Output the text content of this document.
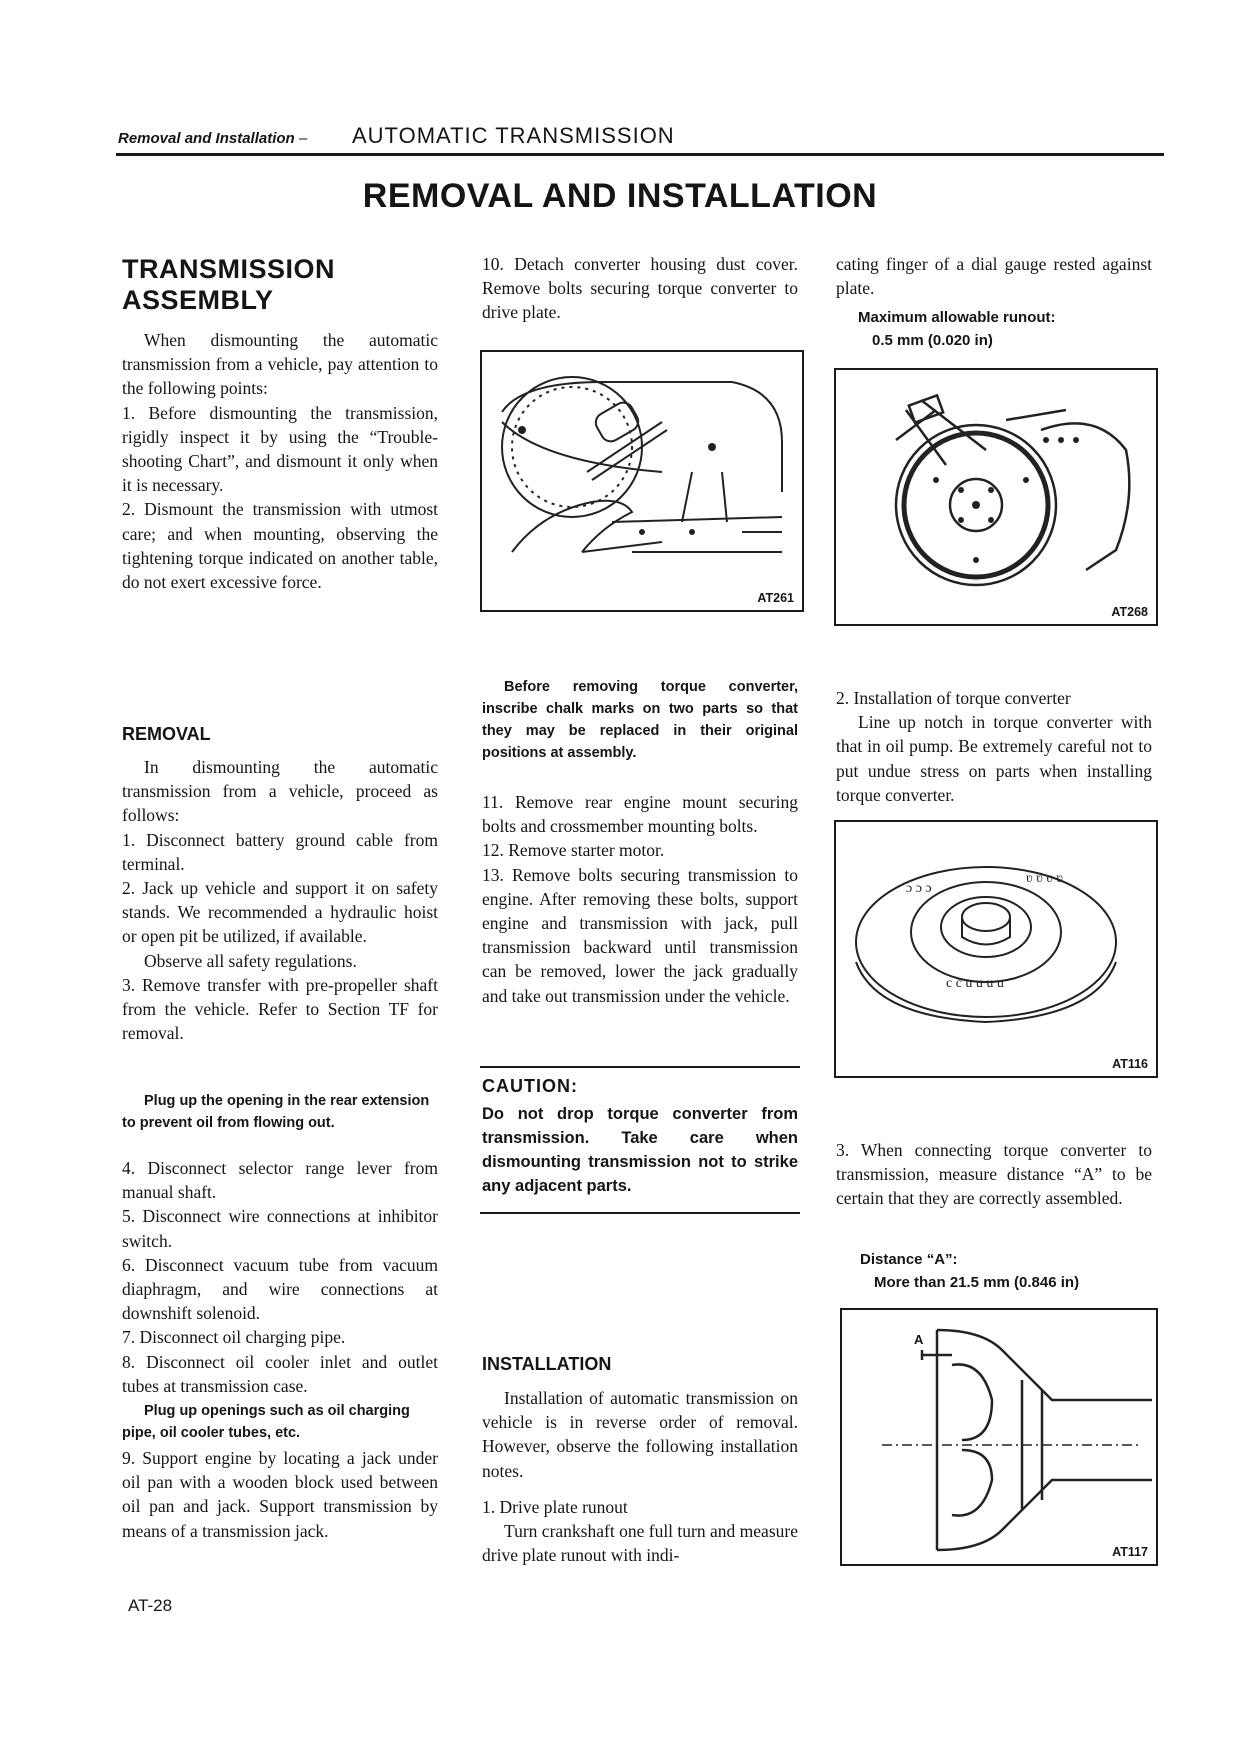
Removal and Installation – AUTOMATIC TRANSMISSION
REMOVAL AND INSTALLATION
TRANSMISSION
ASSEMBLY

When dismounting the automatic transmission from a vehicle, pay attention to the following points:

1. Before dismounting the transmission, rigidly inspect it by using the “Trouble-shooting Chart”, and dismount it only when it is necessary.

2. Dismount the transmission with utmost care; and when mounting, observing the tightening torque indicated on another table, do not exert excessive force.

REMOVAL

In dismounting the automatic transmission from a vehicle, proceed as follows:

1. Disconnect battery ground cable from terminal.

2. Jack up vehicle and support it on safety stands. We recommended a hydraulic hoist or open pit be utilized, if available.

Observe all safety regulations.

3. Remove transfer with pre-propeller shaft from the vehicle. Refer to Section TF for removal.

Plug up the opening in the rear extension to prevent oil from flowing out.

4. Disconnect selector range lever from manual shaft.

5. Disconnect wire connections at inhibitor switch.

6. Disconnect vacuum tube from vacuum diaphragm, and wire connections at downshift solenoid.

7. Disconnect oil charging pipe.

8. Disconnect oil cooler inlet and outlet tubes at transmission case.

Plug up openings such as oil charging pipe, oil cooler tubes, etc.

9. Support engine by locating a jack under oil pan with a wooden block used between oil pan and jack. Support transmission by means of a transmission jack.

AT-28

10. Detach converter housing dust cover. Remove bolts securing torque converter to drive plate.

AT261

Before removing torque converter, inscribe chalk marks on two parts so that they may be replaced in their original positions at assembly.

11. Remove rear engine mount securing bolts and crossmember mounting bolts.

12. Remove starter motor.

13. Remove bolts securing transmission to engine. After removing these bolts, support engine and transmission with jack, pull transmission backward until transmission can be removed, lower the jack gradually and take out transmission under the vehicle.

CAUTION:
Do not drop torque converter from transmission. Take care when dismounting transmission not to strike any adjacent parts.
INSTALLATION

Installation of automatic transmission on vehicle is in reverse order of removal. However, observe the following installation notes.

1. Drive plate runout

Turn crankshaft one full turn and measure drive plate runout with indi-

cating finger of a dial gauge rested against plate.

Maximum allowable runout:
0.5 mm (0.020 in)
AT268

2. Installation of torque converter

Line up notch in torque converter with that in oil pump. Be extremely careful not to put undue stress on parts when installing torque converter.

ɔ ɔ ɔ
ʋ ʋ ʋ ʋ
c c u u u u
AT116

3. When connecting torque converter to transmission, measure distance “A” to be certain that they are correctly assembled.

Distance “A”:
More than 21.5 mm (0.846 in)
A
AT117
